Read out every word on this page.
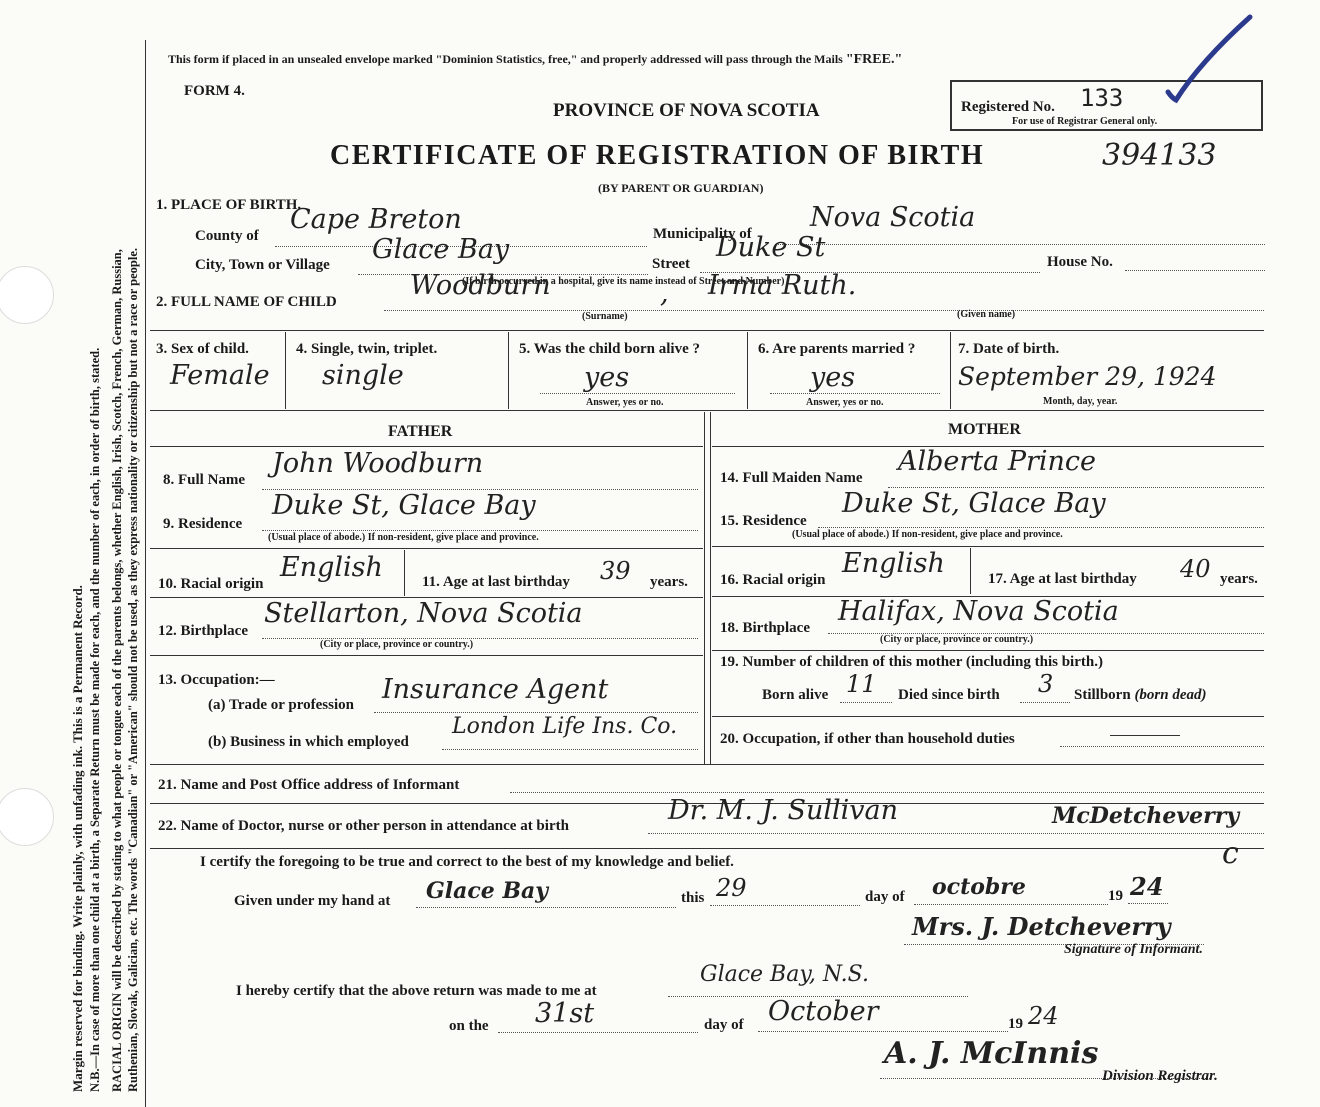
Margin reserved for binding. Write plainly, with unfading ink. This is a Permanent Record. N.B.—In case of more than one child at a birth, a Separate Return must be made for each, and the number of each, in order of birth, stated. RACIAL ORIGIN will be described by stating to what people or tongue each of the parents belongs, whether English, Irish, Scotch, French, German, Russian, Ruthenian, Slovak, Galician, etc. The words "Canadian" or "American" should not be used, as they express nationality or citizenship but not a race or people.
This form if placed in an unsealed envelope marked "Dominion Statistics, free," and properly addressed will pass through the Mails "FREE."
FORM 4.
PROVINCE OF NOVA SCOTIA
CERTIFICATE OF REGISTRATION OF BIRTH	394133
(BY PARENT OR GUARDIAN)
Registered No. 133
For use of Registrar General only.
1. PLACE OF BIRTH.
County of
Cape Breton	Municipality of
Nova Scotia
City, Town or Village Glace Bay	Street
Duke St	House No.
(If birth occurred in a hospital, give its name instead of Street and Number)
2. FULL NAME OF CHILD
Woodburn	, Irma Ruth.
(Surname)	(Given name)
3. Sex of child.
Female
4. Single, twin, triplet.
single
5. Was the child born alive ?
yes
Answer, yes or no.
6. Are parents married ?
yes
Answer, yes or no.
7. Date of birth.
September 29, 1924
Month, day, year.
FATHER	MOTHER
8. Full Name
John Woodburn
9. Residence
Duke St, Glace Bay
(Usual place of abode.) If non-resident, give place and province.
10. Racial origin
English	11. Age at last birthday 39 years.
12. Birthplace
Stellarton, Nova Scotia
(City or place, province or country.)
13. Occupation:—
(a) Trade or profession Insurance Agent
(b) Business in which employed
London Life Ins. Co.
14. Full Maiden Name
Alberta Prince
15. Residence
Duke St, Glace Bay
(Usual place of abode.) If non-resident, give place and province.
16. Racial origin
English	17. Age at last birthday 40 years.
18. Birthplace
Halifax, Nova Scotia
(City or place, province or country.)
19. Number of children of this mother (including this birth.)
Born alive 11 Died since birth 3 Stillborn (born dead)
20. Occupation, if other than household duties
21. Name and Post Office address of Informant
22. Name of Doctor, nurse or other person in attendance at birth	Dr. M. J. Sullivan	McDetcheverry
I certify the foregoing to be true and correct to the best of my knowledge and belief.
Given under my hand at Glace Bay	this 29	day of octobre	19 24
Mrs. J. Detcheverry
Signature of Informant.
c
I hereby certify that the above return was made to me at
Glace Bay, N.S.
on the 31st	day of October	19 24
A. J. McInnis
Division Registrar.
